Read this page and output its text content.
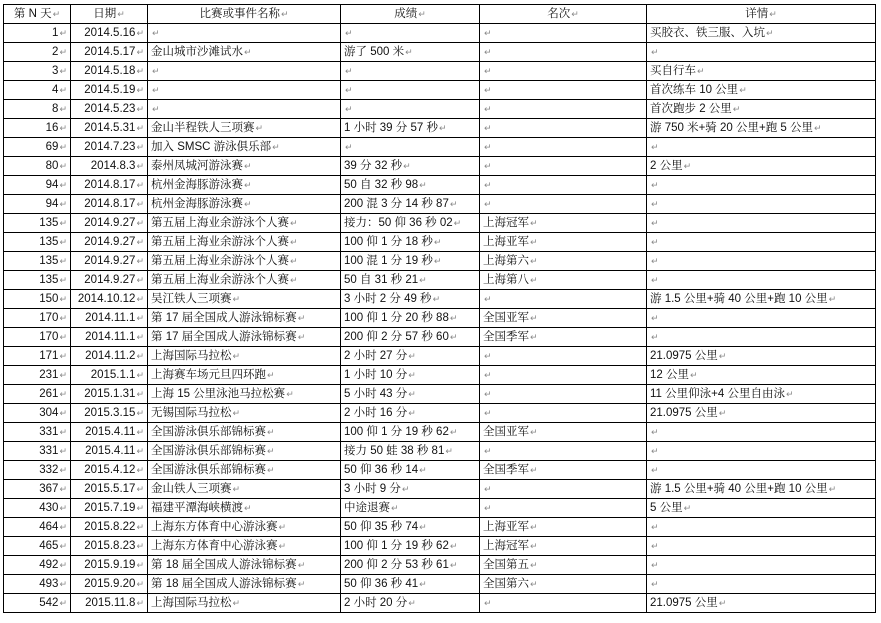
第 N 天↵	日期↵	比赛或事件名称↵	成绩↵	名次↵	详情↵
1↵	2014.5.16↵	↵	↵	↵	买胶衣、铁三服、入坑↵
2↵	2014.5.17↵	金山城市沙滩试水↵	游了 500 米↵	↵	↵
3↵	2014.5.18↵	↵	↵	↵	买自行车↵
4↵	2014.5.19↵	↵	↵	↵	首次练车 10 公里↵
8↵	2014.5.23↵	↵	↵	↵	首次跑步 2 公里↵
16↵	2014.5.31↵	金山半程铁人三项赛↵	1 小时 39 分 57 秒↵	↵	游 750 米+骑 20 公里+跑 5 公里↵
69↵	2014.7.23↵	加入 SMSC 游泳俱乐部↵	↵	↵	↵
80↵	2014.8.3↵	泰州凤城河游泳赛↵	39 分 32 秒↵	↵	2 公里↵
94↵	2014.8.17↵	杭州金海豚游泳赛↵	50 自 32 秒 98↵	↵	↵
94↵	2014.8.17↵	杭州金海豚游泳赛↵	200 混 3 分 14 秒 87↵	↵	↵
135↵	2014.9.27↵	第五届上海业余游泳个人赛↵	接力：50 仰 36 秒 02↵	上海冠军↵	↵
135↵	2014.9.27↵	第五届上海业余游泳个人赛↵	100 仰 1 分 18 秒↵	上海亚军↵	↵
135↵	2014.9.27↵	第五届上海业余游泳个人赛↵	100 混 1 分 19 秒↵	上海第六↵	↵
135↵	2014.9.27↵	第五届上海业余游泳个人赛↵	50 自 31 秒 21↵	上海第八↵	↵
150↵	2014.10.12↵	吴江铁人三项赛↵	3 小时 2 分 49 秒↵	↵	游 1.5 公里+骑 40 公里+跑 10 公里↵
170↵	2014.11.1↵	第 17 届全国成人游泳锦标赛↵	100 仰 1 分 20 秒 88↵	全国亚军↵	↵
170↵	2014.11.1↵	第 17 届全国成人游泳锦标赛↵	200 仰 2 分 57 秒 60↵	全国季军↵	↵
171↵	2014.11.2↵	上海国际马拉松↵	2 小时 27 分↵	↵	21.0975 公里↵
231↵	2015.1.1↵	上海赛车场元旦四环跑↵	1 小时 10 分↵	↵	12 公里↵
261↵	2015.1.31↵	上海 15 公里泳池马拉松赛↵	5 小时 43 分↵	↵	11 公里仰泳+4 公里自由泳↵
304↵	2015.3.15↵	无锡国际马拉松↵	2 小时 16 分↵	↵	21.0975 公里↵
331↵	2015.4.11↵	全国游泳俱乐部锦标赛↵	100 仰 1 分 19 秒 62↵	全国亚军↵	↵
331↵	2015.4.11↵	全国游泳俱乐部锦标赛↵	接力 50 蛙 38 秒 81↵	↵	↵
332↵	2015.4.12↵	全国游泳俱乐部锦标赛↵	50 仰 36 秒 14↵	全国季军↵	↵
367↵	2015.5.17↵	金山铁人三项赛↵	3 小时 9 分↵	↵	游 1.5 公里+骑 40 公里+跑 10 公里↵
430↵	2015.7.19↵	福建平潭海峡横渡↵	中途退赛↵	↵	5 公里↵
464↵	2015.8.22↵	上海东方体育中心游泳赛↵	50 仰 35 秒 74↵	上海亚军↵	↵
465↵	2015.8.23↵	上海东方体育中心游泳赛↵	100 仰 1 分 19 秒 62↵	上海冠军↵	↵
492↵	2015.9.19↵	第 18 届全国成人游泳锦标赛↵	200 仰 2 分 53 秒 61↵	全国第五↵	↵
493↵	2015.9.20↵	第 18 届全国成人游泳锦标赛↵	50 仰 36 秒 41↵	全国第六↵	↵
542↵	2015.11.8↵	上海国际马拉松↵	2 小时 20 分↵	↵	21.0975 公里↵
